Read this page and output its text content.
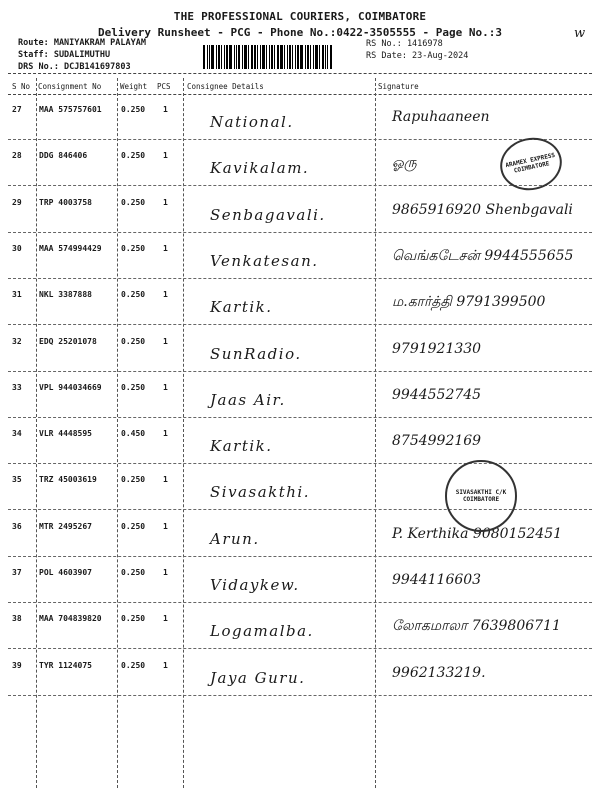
THE PROFESSIONAL COURIERS, COIMBATORE
Delivery Runsheet - PCG - Phone No.:0422-3505555 - Page No.:3	w
Route: MANIYAKRAM PALAYAM
Staff: SUDALIMUTHU
DRS No.: DCJB141697803
RS No.: 1416978
RS Date: 23-Aug-2024
S No Consignment No	Weight PCS Consignee Details	Signature
27 MAA 575757601 0.250 1
National.	Rapuhaaneen
28 DDG 846406	0.250 1
Kavikalam.	ஓரு
29 TRP 4003758	0.250 1
Senbagavali.	9865916920 Shenbgavali
30 MAA 574994429 0.250 1
Venkatesan.	வெங்கடேசன் 9944555655
31 NKL 3387888	0.250 1
Kartik.	ம.கார்த்தி 9791399500
32 EDQ 25201078	0.250 1
SunRadio.	9791921330
33 VPL 944034669 0.250 1
Jaas Air.	9944552745
34 VLR 4448595	0.450 1
Kartik.	8754992169
35 TRZ 45003619	0.250 1
Sivasakthi.
36 MTR 2495267	0.250 1
Arun.	P. Kerthika 9080152451
37 POL 4603907	0.250 1
Vidaykew.	9944116603
38 MAA 704839820 0.250 1
Logamalba.	லோகமாலா 7639806711
39 TYR 1124075	0.250 1
Jaya Guru.	9962133219.
ARAMEX EXPRESS COIMBATORE
SIVASAKTHI C/K COIMBATORE
